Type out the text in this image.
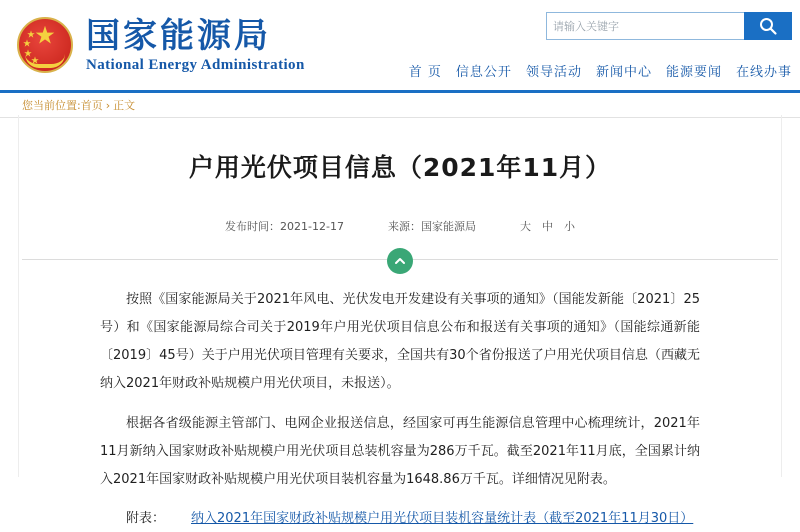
★
★
★
★
★
国家能源局
National Energy Administration
请输入关键字	首 页 信息公开 领导活动 新闻中心 能源要闻 在线办事
您当前位置: 首页 › 正文
户用光伏项目信息（2021年11月）
发布时间：2021-12-17	来源：国家能源局	大 中 小

按照《国家能源局关于2021年风电、光伏发电开发建设有关事项的通知》（国能发新能〔2021〕25号）和《国家能源局综合司关于2019年户用光伏项目信息公布和报送有关事项的通知》（国能综通新能〔2019〕45号）关于户用光伏项目管理有关要求，全国共有30个省份报送了户用光伏项目信息（西藏无纳入2021年财政补贴规模户用光伏项目，未报送）。

根据各省级能源主管部门、电网企业报送信息，经国家可再生能源信息管理中心梳理统计，2021年11月新纳入国家财政补贴规模户用光伏项目总装机容量为286万千瓦。截至2021年11月底，全国累计纳入2021年国家财政补贴规模户用光伏项目装机容量为1648.86万千瓦。详细情况见附表。

附表： 纳入2021年国家财政补贴规模户用光伏项目装机容量统计表（截至2021年11月30日）
